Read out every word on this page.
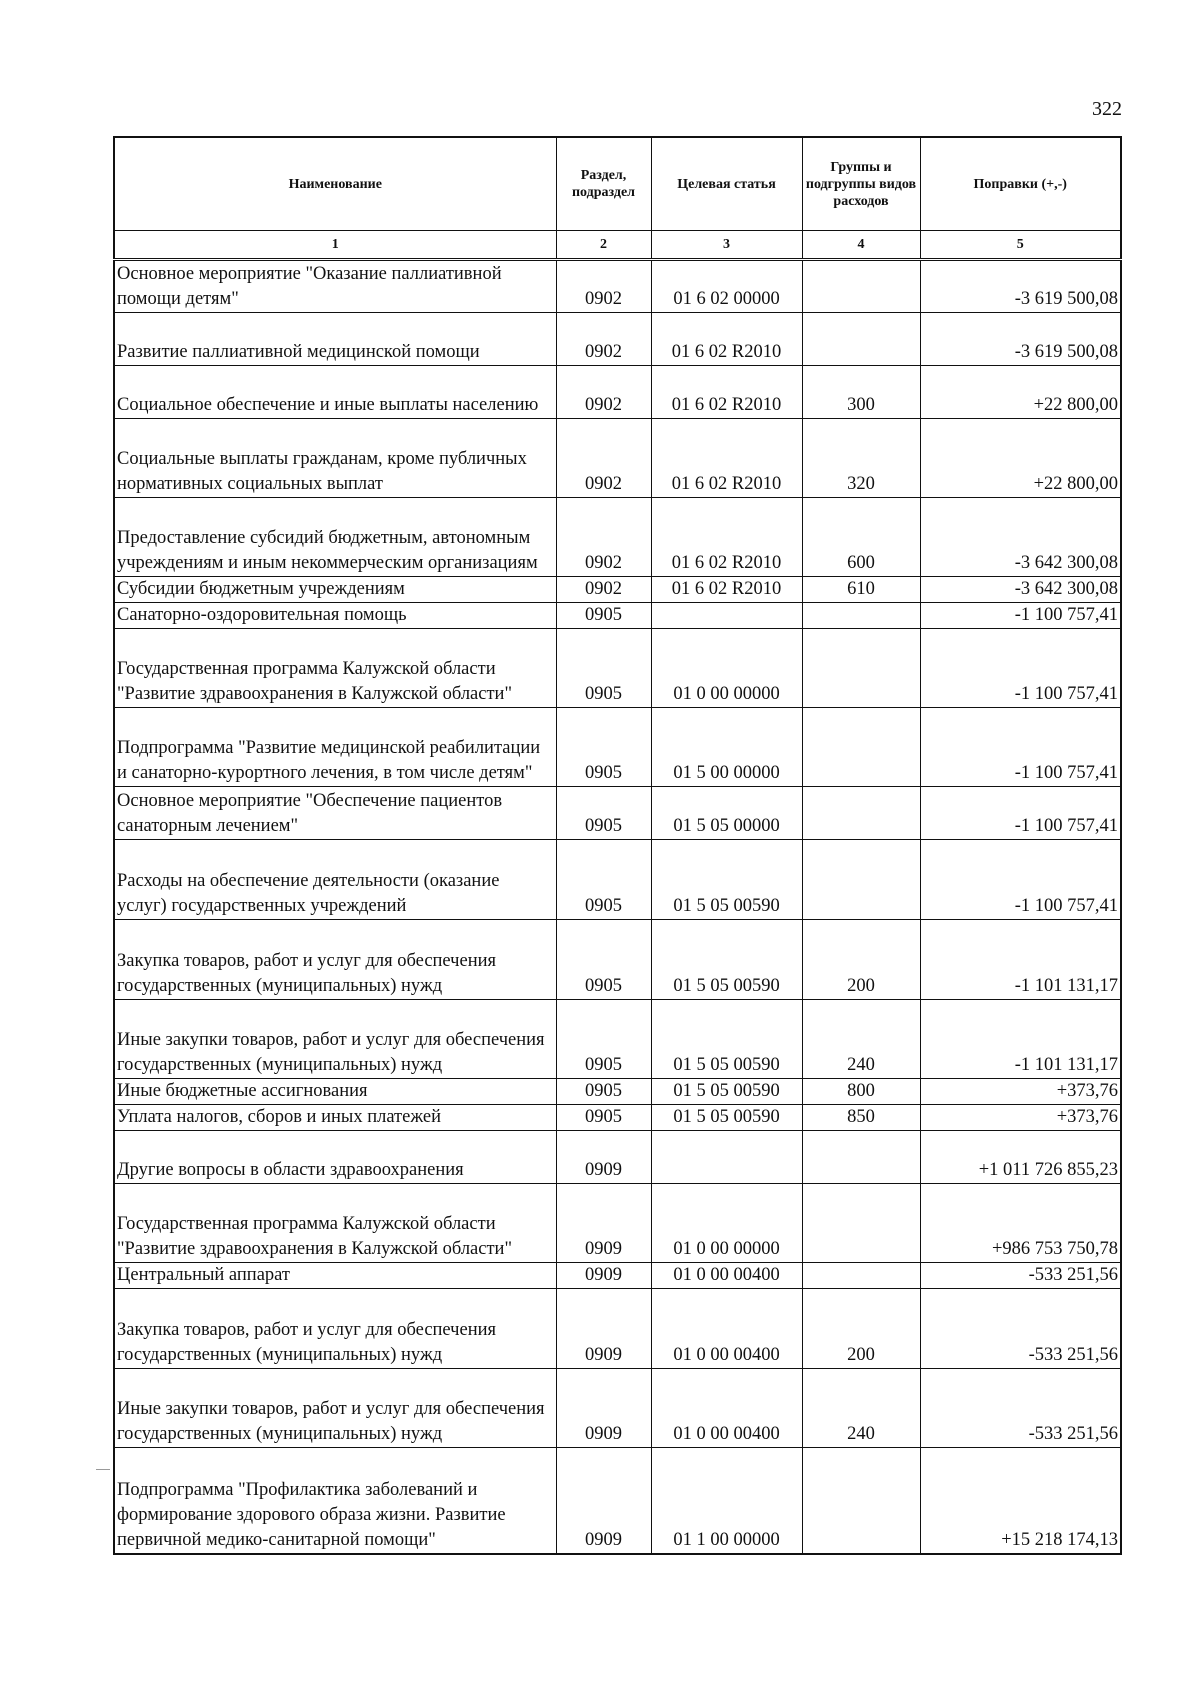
322
Наименование	Раздел, подраздел	Целевая статья	Группы и подгруппы видов расходов	Поправки (+,-)
1	2	3	4	5
Основное мероприятие "Оказание паллиативной помощи детям"	0902	01 6 02 00000		-3 619 500,08
Развитие паллиативной медицинской помощи	0902	01 6 02 R2010		-3 619 500,08
Социальное обеспечение и иные выплаты населению	0902	01 6 02 R2010	300	+22 800,00
Социальные выплаты гражданам, кроме публичных нормативных социальных выплат	0902	01 6 02 R2010	320	+22 800,00
Предоставление субсидий бюджетным, автономным учреждениям и иным некоммерческим организациям	0902	01 6 02 R2010	600	-3 642 300,08
Субсидии бюджетным учреждениям	0902	01 6 02 R2010	610	-3 642 300,08
Санаторно-оздоровительная помощь	0905			-1 100 757,41
Государственная программа Калужской области "Развитие здравоохранения в Калужской области"	0905	01 0 00 00000		-1 100 757,41
Подпрограмма "Развитие медицинской реабилитации и санаторно-курортного лечения, в том числе детям"	0905	01 5 00 00000		-1 100 757,41
Основное мероприятие "Обеспечение пациентов санаторным лечением"	0905	01 5 05 00000		-1 100 757,41
Расходы на обеспечение деятельности (оказание услуг) государственных учреждений	0905	01 5 05 00590		-1 100 757,41
Закупка товаров, работ и услуг для обеспечения государственных (муниципальных) нужд	0905	01 5 05 00590	200	-1 101 131,17
Иные закупки товаров, работ и услуг для обеспечения государственных (муниципальных) нужд	0905	01 5 05 00590	240	-1 101 131,17
Иные бюджетные ассигнования	0905	01 5 05 00590	800	+373,76
Уплата налогов, сборов и иных платежей	0905	01 5 05 00590	850	+373,76
Другие вопросы в области здравоохранения	0909			+1 011 726 855,23
Государственная программа Калужской области "Развитие здравоохранения в Калужской области"	0909	01 0 00 00000		+986 753 750,78
Центральный аппарат	0909	01 0 00 00400		-533 251,56
Закупка товаров, работ и услуг для обеспечения государственных (муниципальных) нужд	0909	01 0 00 00400	200	-533 251,56
Иные закупки товаров, работ и услуг для обеспечения государственных (муниципальных) нужд	0909	01 0 00 00400	240	-533 251,56
Подпрограмма "Профилактика заболеваний и формирование здорового образа жизни. Развитие первичной медико-санитарной помощи"	0909	01 1 00 00000		+15 218 174,13
